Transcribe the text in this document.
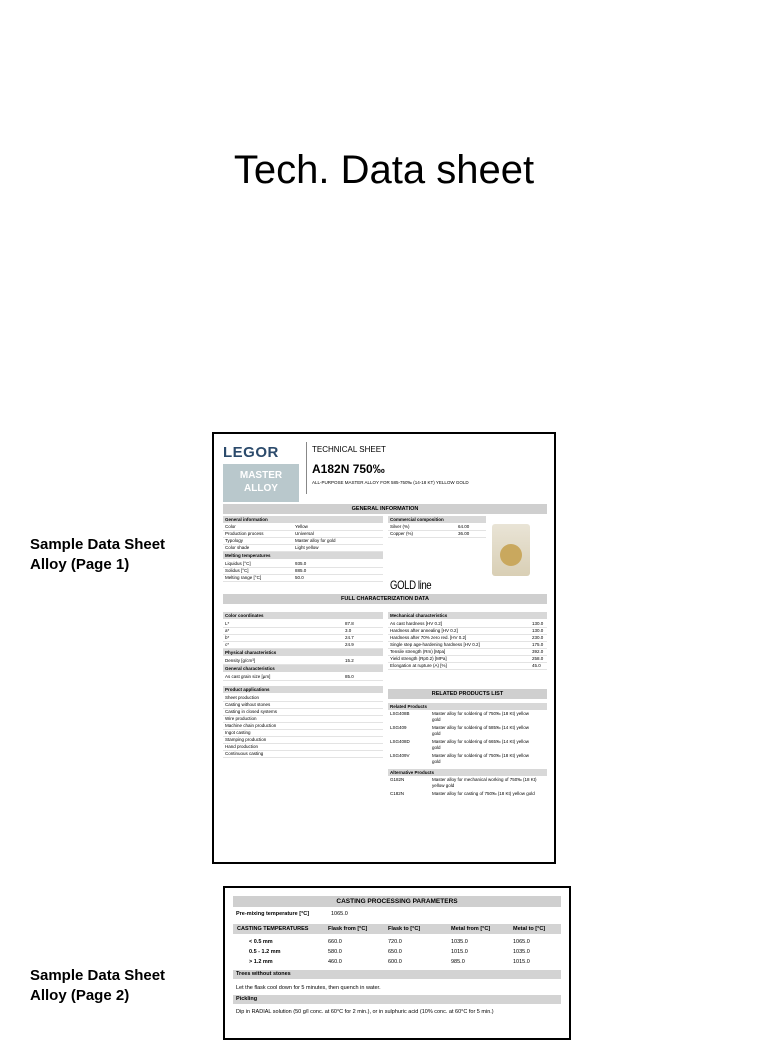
Tech. Data sheet
Sample Data Sheet
Alloy (Page 1)
Sample Data Sheet
Alloy (Page 2)
LEGOR
MASTER
ALLOY
TECHNICAL SHEET
A182N 750‰
ALL-PURPOSE MASTER ALLOY FOR 585-750‰ (14-18 KT) YELLOW GOLD
GENERAL INFORMATION
General information	Commercial composition
GOLD line
FULL CHARACTERIZATION DATA
RELATED PRODUCTS LIST
Color	Yellow
Production process	Universal
Typology	Master alloy for gold
Color shade	Light yellow
Melting temperatures
Liquidus [°C]	935.0
Solidus [°C]	885.0
Melting range [°C]	50.0
Silver (%)	64.00
Copper (%)	36.00
Color coordinates
L*	87.8
a*	3.0
b*	24.7
c*	24.9
Physical characteristics
Density [g/cm³]	15.2
General characteristics
As cast grain size [µm]	85.0
Product applications
Sheet production
Casting without stones
Casting in closed systems
Wire production
Machine chain production
Ingot casting
Stamping production
Hand production
Continuous casting
Mechanical characteristics
As cast hardness [HV 0.2]	130.0
Hardness after annealing [HV 0.2]	130.0
Hardness after 70% zero red. [HV 0.2]	230.0
Single step age-hardening hardness [HV 0.2]	175.0
Tensile strength (Rm) [Mpa]	392.0
Yield strength (Rp0.2) [MPa]	258.0
Elongation at rupture (A) [%]	45.0
Related Products
LSG408B	Master alloy for soldering of 750‰ (18 Kt) yellow gold
LSG409	Master alloy for soldering of 585‰ (14 Kt) yellow gold
LSG408D	Master alloy for soldering of 665‰ (14 Kt) yellow gold
LSG409V	Master alloy for soldering of 750‰ (18 Kt) yellow gold
Alternative Products
G182N	Master alloy for mechanical working of 750‰ (18 Kt) yellow gold
C182N	Master alloy for casting of 750‰ (18 Kt) yellow gold
CASTING PROCESSING PARAMETERS
Pre-mixing temperature [°C]	1065.0
Trees without stones
Let the flask cool down for 5 minutes, then quench in water.
Pickling
Dip in RADIAL solution (50 g/l conc. at 60°C for 2 min.), or in sulphuric acid (10% conc. at 60°C for 5 min.)
CASTING TEMPERATURES	Flask from [°C]	Flask to [°C]	Metal from [°C]	Metal to [°C]
< 0.5 mm	660.0	720.0	1035.0	1065.0
0.5 - 1.2 mm	580.0	650.0	1015.0	1035.0
> 1.2 mm	460.0	600.0	985.0	1015.0
